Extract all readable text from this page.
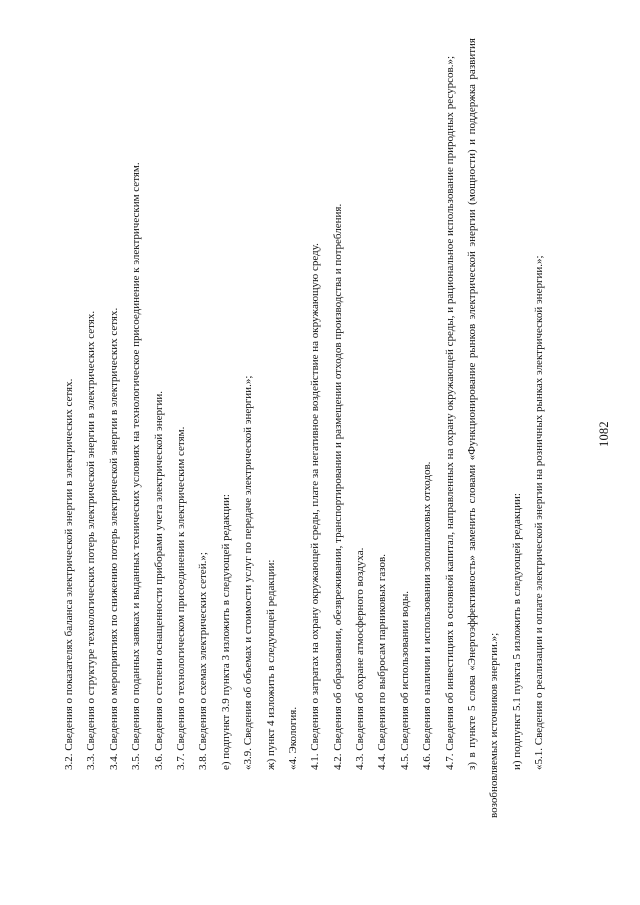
1082
3.2. Сведения о показателях баланса электрической энергии в электрических сетях. 3.3. Сведения о структуре технологических потерь электрической энергии в электрических сетях. 3.4. Сведения о мероприятиях по снижению потерь электрической энергии в электрических сетях. 3.5. Сведения о поданных заявках и выданных технических условиях на технологическое присоединение к электрическим сетям. 3.6. Сведения о степени оснащенности приборами учета электрической энергии. 3.7. Сведения о технологическом присоединении к электрическим сетям. 3.8. Сведения о схемах электрических сетей.»; е) подпункт 3.9 пункта 3 изложить в следующей редакции: «3.9. Сведения об объемах и стоимости услуг по передаче электрической энергии.»; ж) пункт 4 изложить в следующей редакции: «4. Экология. 4.1. Сведения о затратах на охрану окружающей среды, плате за негативное воздействие на окружающую среду. 4.2. Сведения об образовании, обезвреживании, транспортировании и размещении отходов производства и потребления. 4.3. Сведения об охране атмосферного воздуха. 4.4. Сведения по выбросам парниковых газов. 4.5. Сведения об использовании воды. 4.6. Сведения о наличии и использовании золошлаковых отходов. 4.7. Сведения об инвестициях в основной капитал, направленных на охрану окружающей среды, и рациональное использование природных ресурсов.»; з) в пункте 5 слова «Энергоэффективность» заменить словами «Функционирование рынков электрической энергии (мощности) и поддержка развития возобновляемых источников энергии.»; и) подпункт 5.1 пункта 5 изложить в следующей редакции: «5.1. Сведения о реализации и оплате электрической энергии на розничных рынках электрической энергии.»;
